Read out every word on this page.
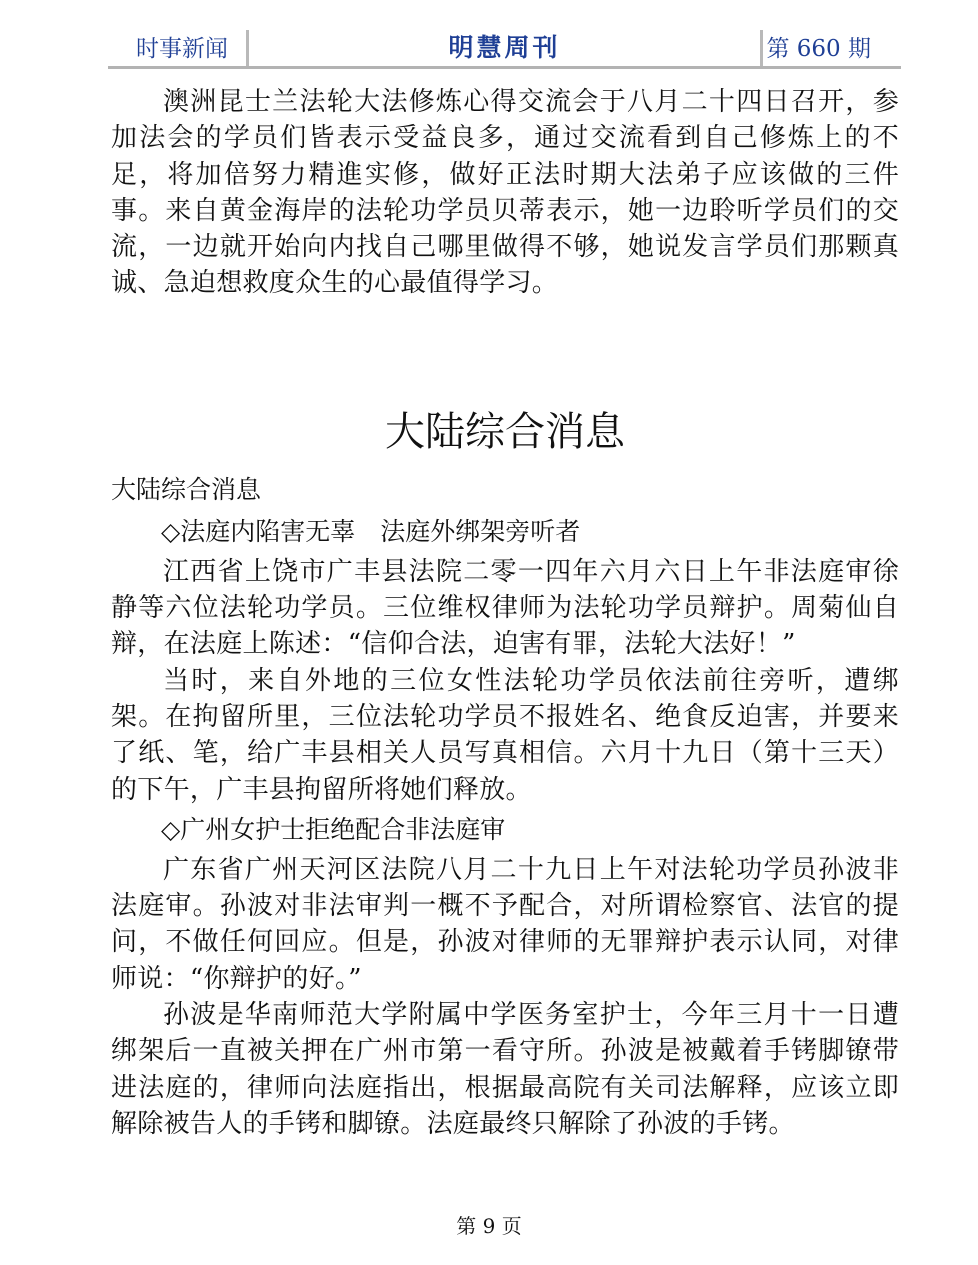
时事新闻	明慧周刊	第 660 期

澳洲昆士兰法轮大法修炼心得交流会于八月二十四日召开，参加法会的学员们皆表示受益良多，通过交流看到自己修炼上的不足，将加倍努力精進实修，做好正法时期大法弟子应该做的三件事。来自黄金海岸的法轮功学员贝蒂表示，她一边聆听学员们的交流，一边就开始向内找自己哪里做得不够，她说发言学员们那颗真诚、急迫想救度众生的心最值得学习。

大陆综合消息
大陆综合消息
◇法庭内陷害无辜　法庭外绑架旁听者

江西省上饶市广丰县法院二零一四年六月六日上午非法庭审徐静等六位法轮功学员。三位维权律师为法轮功学员辩护。周菊仙自辩，在法庭上陈述：“信仰合法，迫害有罪，法轮大法好！”

当时，来自外地的三位女性法轮功学员依法前往旁听，遭绑架。在拘留所里，三位法轮功学员不报姓名、绝食反迫害，并要来了纸、笔，给广丰县相关人员写真相信。六月十九日（第十三天）的下午，广丰县拘留所将她们释放。

◇广州女护士拒绝配合非法庭审

广东省广州天河区法院八月二十九日上午对法轮功学员孙波非法庭审。孙波对非法审判一概不予配合，对所谓检察官、法官的提问，不做任何回应。但是，孙波对律师的无罪辩护表示认同，对律师说：“你辩护的好。”

孙波是华南师范大学附属中学医务室护士，今年三月十一日遭绑架后一直被关押在广州市第一看守所。孙波是被戴着手铐脚镣带进法庭的，律师向法庭指出，根据最高院有关司法解释，应该立即解除被告人的手铐和脚镣。法庭最终只解除了孙波的手铐。

第 9 页
